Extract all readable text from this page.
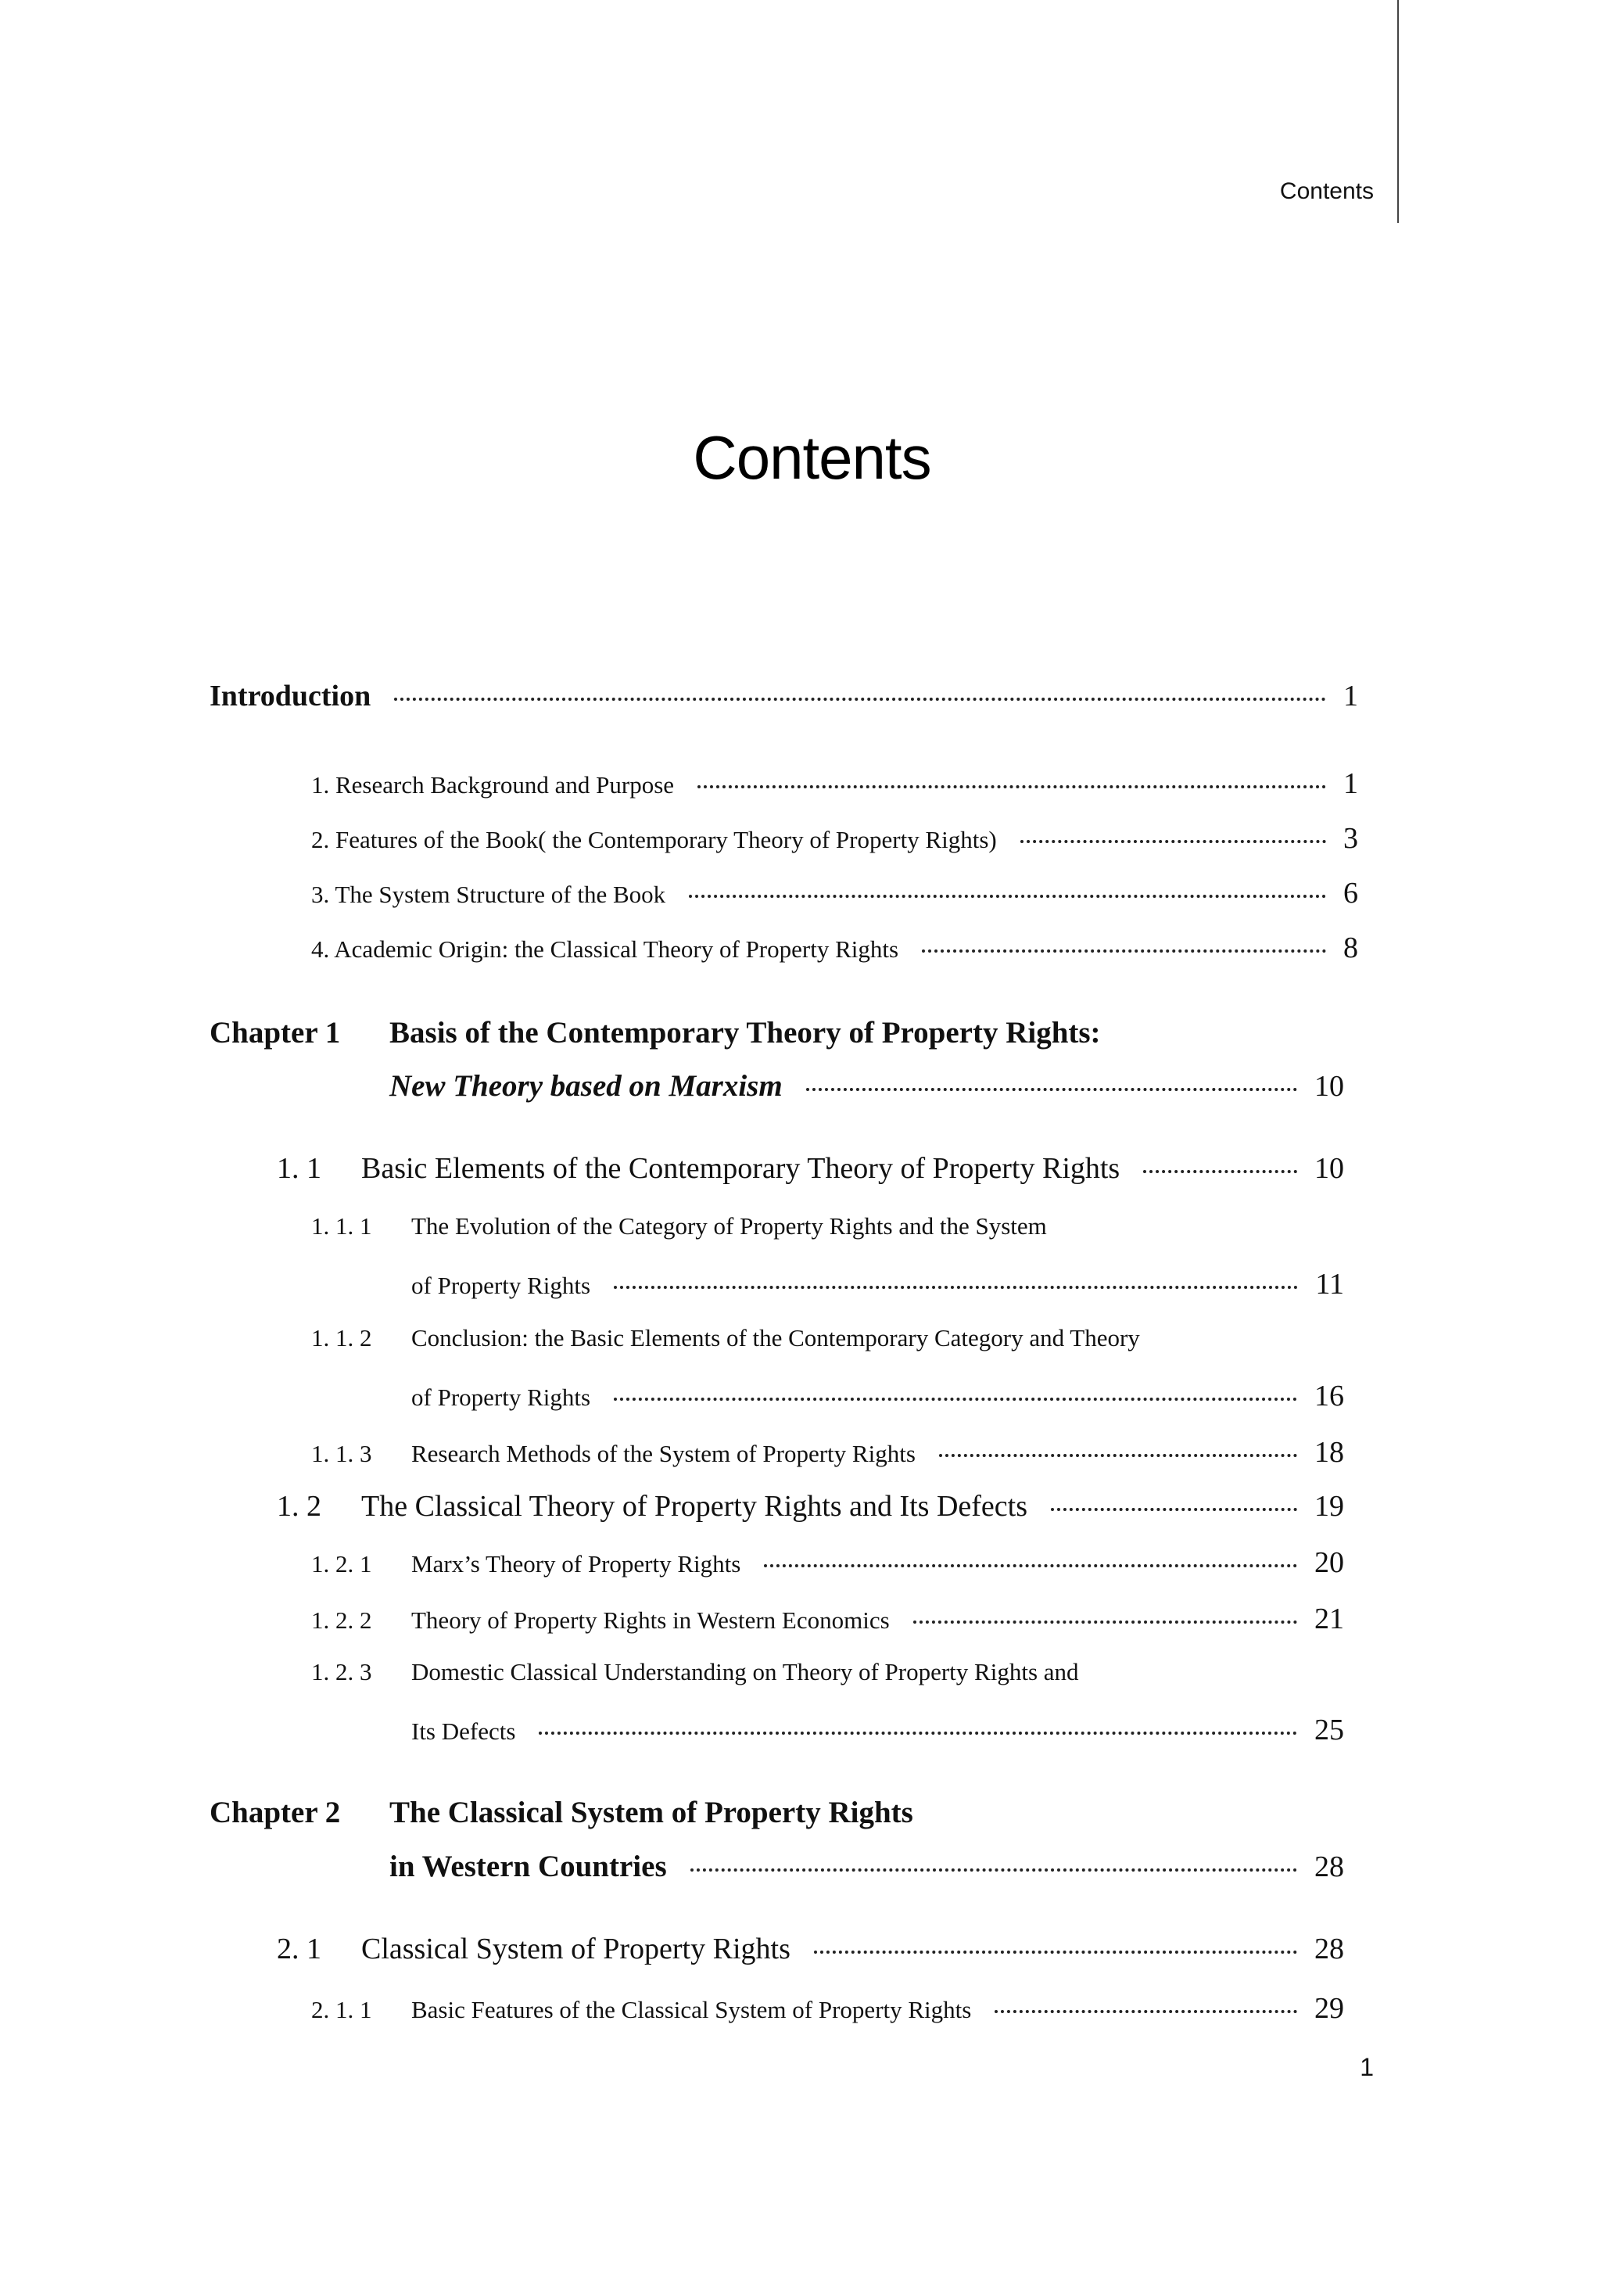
Contents
Contents
Introduction	1
1. Research Background and Purpose	1
2. Features of the Book( the Contemporary Theory of Property Rights)	3
3. The System Structure of the Book	6
4. Academic Origin: the Classical Theory of Property Rights	8
Chapter 1	Basis of the Contemporary Theory of Property Rights:
New Theory based on Marxism	10
1. 1	Basic Elements of the Contemporary Theory of Property Rights	10
1. 1. 1	The Evolution of the Category of Property Rights and the System
of Property Rights	11
1. 1. 2	Conclusion: the Basic Elements of the Contemporary Category and Theory
of Property Rights	16
1. 1. 3	Research Methods of the System of Property Rights	18
1. 2	The Classical Theory of Property Rights and Its Defects	19
1. 2. 1	Marx’s Theory of Property Rights	20
1. 2. 2	Theory of Property Rights in Western Economics	21
1. 2. 3	Domestic Classical Understanding on Theory of Property Rights and
Its Defects	25
Chapter 2	The Classical System of Property Rights
in Western Countries	28
2. 1	Classical System of Property Rights	28
2. 1. 1	Basic Features of the Classical System of Property Rights	29
1
